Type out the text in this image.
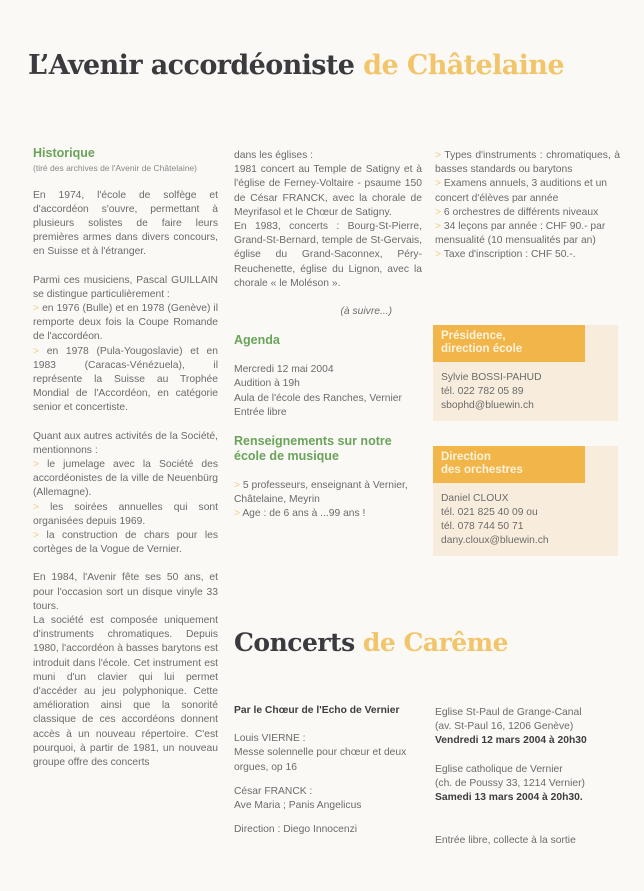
L’Avenir accordéoniste de Châtelaine
Historique

(tiré des archives de l'Avenir de Châtelaine)

En 1974, l'école de solfège et d'accordéon s'ouvre, permettant à plusieurs solistes de faire leurs premières armes dans divers concours, en Suisse et à l'étranger.

Parmi ces musiciens, Pascal GUILLAIN se distingue particulièrement :

> en 1976 (Bulle) et en 1978 (Genève) il remporte deux fois la Coupe Romande de l'accordéon.

> en 1978 (Pula-Yougoslavie) et en 1983 (Caracas-Vénézuela), il représente la Suisse au Trophée Mondial de l'Accordéon, en catégorie senior et concertiste.

Quant aux autres activités de la Société, mentionnons :

> le jumelage avec la Société des accordéonistes de la ville de Neuenbürg (Allemagne).

> les soirées annuelles qui sont organisées depuis 1969.

> la construction de chars pour les cortèges de la Vogue de Vernier.

En 1984, l'Avenir fête ses 50 ans, et pour l'occasion sort un disque vinyle 33 tours.

La société est composée uniquement d'instruments chromatiques. Depuis 1980, l'accordéon à basses barytons est introduit dans l'école. Cet instrument est muni d'un clavier qui lui permet d'accéder au jeu polyphonique. Cette amélioration ainsi que la sonorité classique de ces accordéons donnent accès à un nouveau répertoire. C'est pourquoi, à partir de 1981, un nouveau groupe offre des concerts

dans les églises :

1981 concert au Temple de Satigny et à l'église de Ferney-Voltaire - psaume 150 de César FRANCK, avec la chorale de Meyrifasol et le Chœur de Satigny.

En 1983, concerts : Bourg-St-Pierre, Grand-St-Bernard, temple de St-Gervais, église du Grand-Saconnex, Péry-Reuchenette, église du Lignon, avec la chorale « le Moléson ».

(à suivre...)

Agenda

Mercredi 12 mai 2004

Audition à 19h

Aula de l'école des Ranches, Vernier

Entrée libre

Renseignements sur notre école de musique

> 5 professeurs, enseignant à Vernier, Châtelaine, Meyrin

> Age : de 6 ans à ...99 ans !

> Types d'instruments : chromatiques, à basses standards ou barytons

> Examens annuels, 3 auditions et un concert d'élèves par année

> 6 orchestres de différents niveaux

> 34 leçons par année : CHF 90.- par mensualité (10 mensualités par an)

> Taxe d'inscription : CHF 50.-.

Présidence,
direction école
Sylvie BOSSI-PAHUD
tél. 022 782 05 89
sbophd@bluewin.ch
Direction
des orchestres
Daniel CLOUX
tél. 021 825 40 09 ou
tél. 078 744 50 71
dany.cloux@bluewin.ch
Concerts de Carême

Par le Chœur de l'Echo de Vernier

Louis VIERNE :

Messe solennelle pour chœur et deux orgues, op 16

César FRANCK :

Ave Maria ; Panis Angelicus

Direction : Diego Innocenzi

Eglise St-Paul de Grange-Canal

(av. St-Paul 16, 1206 Genève)

Vendredi 12 mars 2004 à 20h30

Eglise catholique de Vernier

(ch. de Poussy 33, 1214 Vernier)

Samedi 13 mars 2004 à 20h30.

Entrée libre, collecte à la sortie
